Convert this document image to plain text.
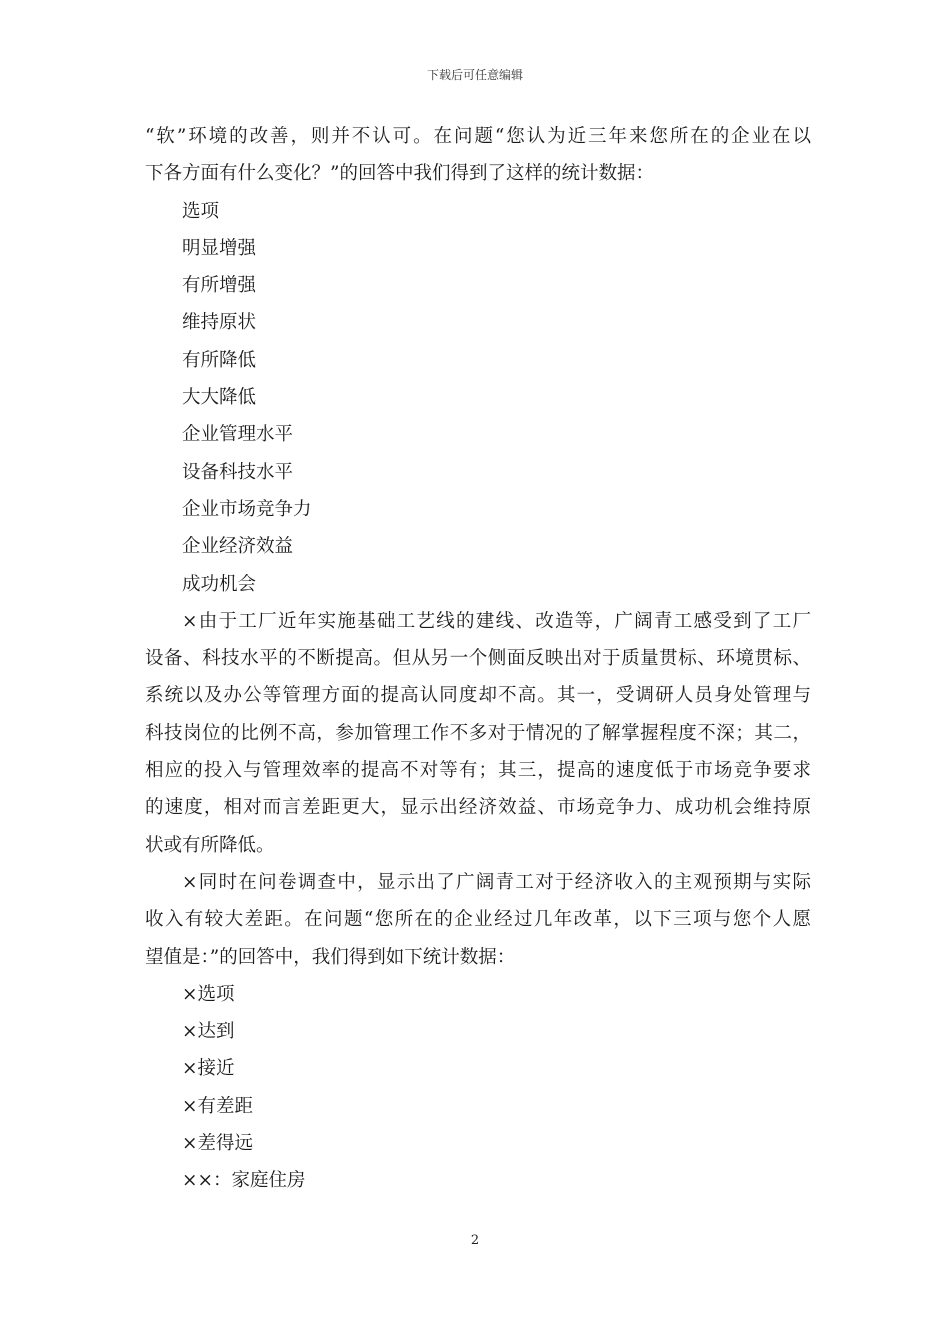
下载后可任意编辑
“软”环境的改善，则并不认可。在问题“您认为近三年来您所在的企业在以
下各方面有什么变化？”的回答中我们得到了这样的统计数据：
选项
明显增强
有所增强
维持原状
有所降低
大大降低
企业管理水平
设备科技水平
企业市场竞争力
企业经济效益
成功机会
×由于工厂近年实施基础工艺线的建线、改造等，广阔青工感受到了工厂
设备、科技水平的不断提高。但从另一个侧面反映出对于质量贯标、环境贯标、
系统以及办公等管理方面的提高认同度却不高。其一，受调研人员身处管理与
科技岗位的比例不高，参加管理工作不多对于情况的了解掌握程度不深；其二，
相应的投入与管理效率的提高不对等有；其三，提高的速度低于市场竞争要求
的速度，相对而言差距更大，显示出经济效益、市场竞争力、成功机会维持原
状或有所降低。
×同时在问卷调查中，显示出了广阔青工对于经济收入的主观预期与实际
收入有较大差距。在问题“您所在的企业经过几年改革，以下三项与您个人愿
望值是：”的回答中，我们得到如下统计数据：
×选项
×达到
×接近
×有差距
×差得远
××：家庭住房
2
